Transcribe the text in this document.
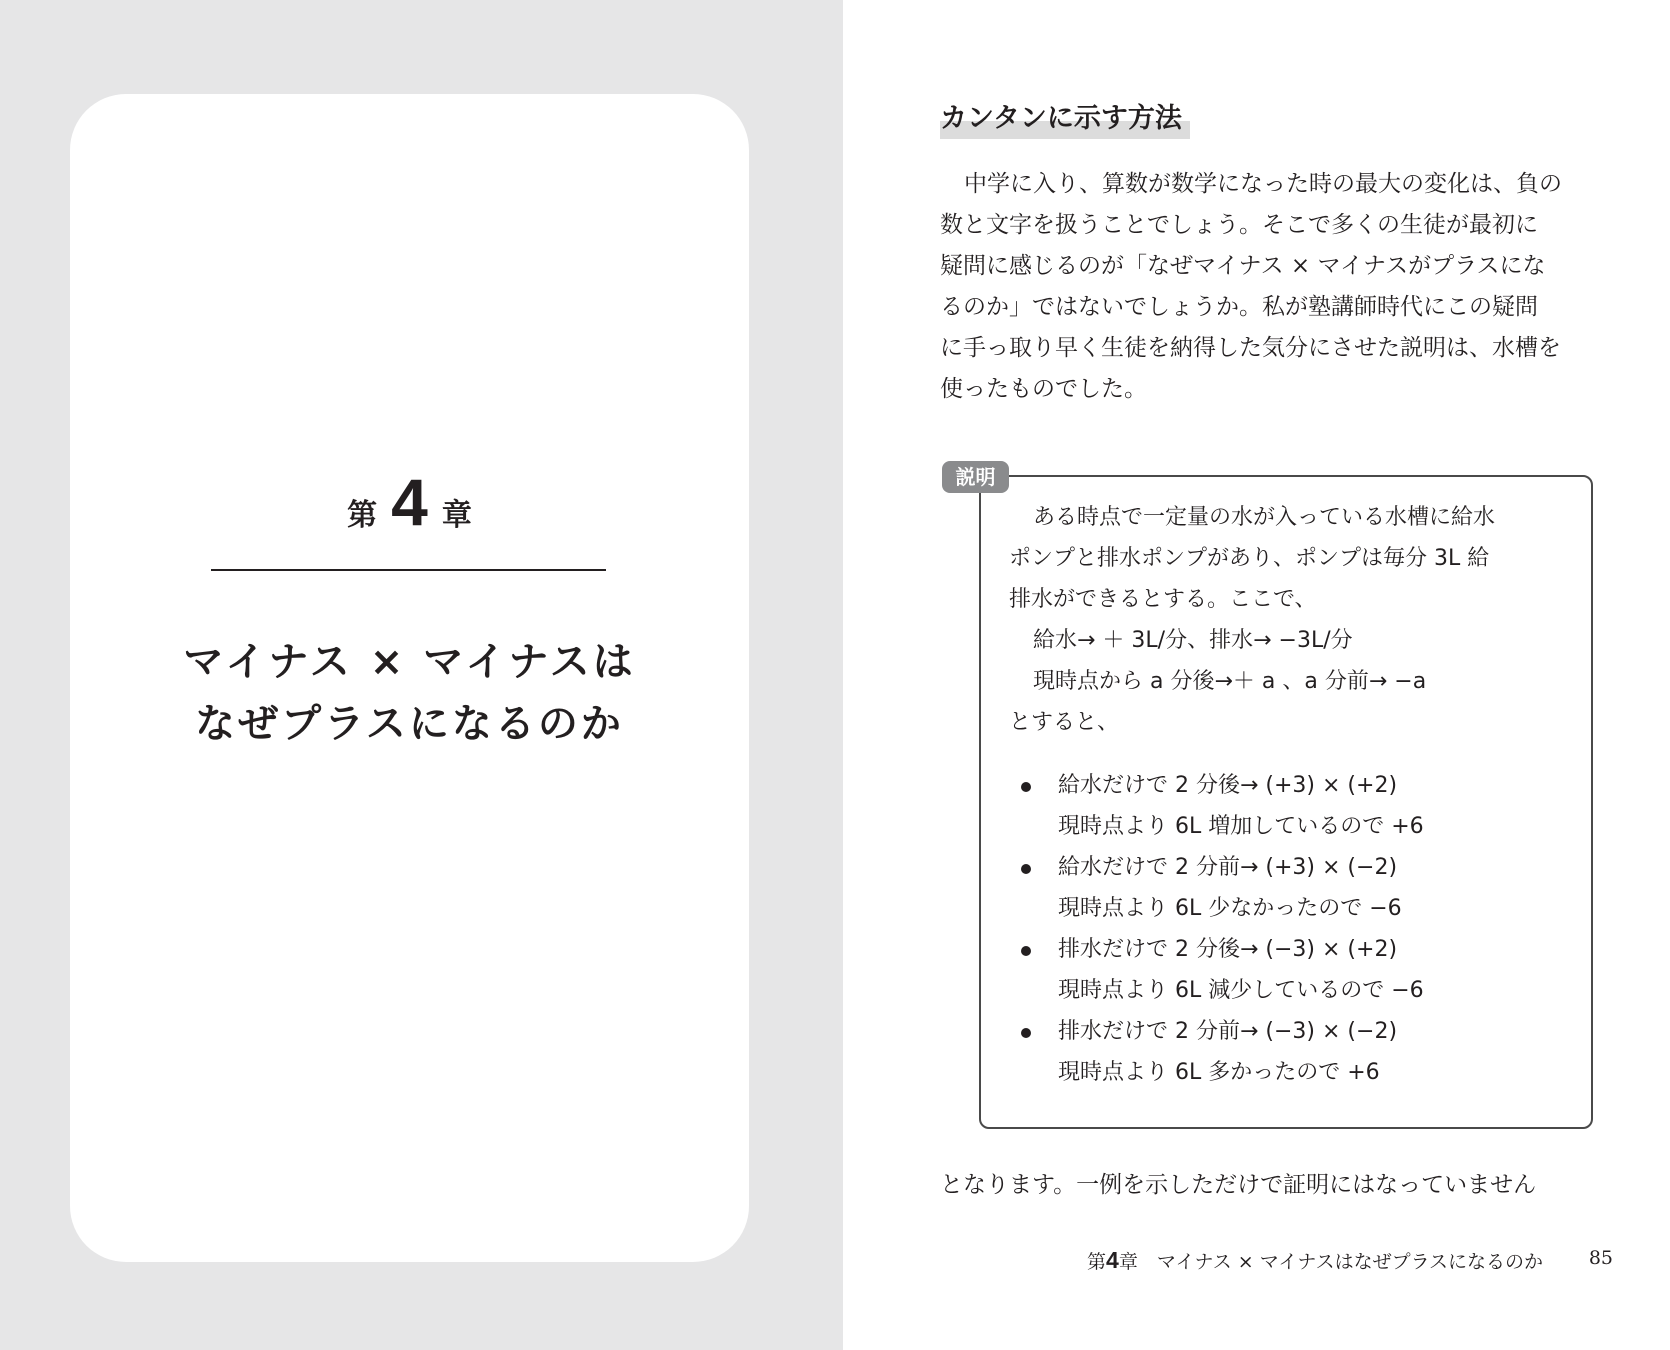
第 4 章
マイナス × マイナスは
なぜプラスになるのか
カンタンに示す方法
中学に入り、算数が数学になった時の最大の変化は、負の
数と文字を扱うことでしょう。そこで多くの生徒が最初に
疑問に感じるのが「なぜマイナス × マイナスがプラスにな
るのか」ではないでしょうか。私が塾講師時代にこの疑問
に手っ取り早く生徒を納得した気分にさせた説明は、水槽を
使ったものでした。
説明
ある時点で一定量の水が入っている水槽に給水
ポンプと排水ポンプがあり、ポンプは毎分 3L 給
排水ができるとする。ここで、
給水→ ＋ 3L/分、排水→ −3L/分
現時点から a 分後→＋ a 、a 分前→ −a
とすると、
給水だけで 2 分後→ (+3) × (+2)
現時点より 6L 増加しているので +6
給水だけで 2 分前→ (+3) × (−2)
現時点より 6L 少なかったので −6
排水だけで 2 分後→ (−3) × (+2)
現時点より 6L 減少しているので −6
排水だけで 2 分前→ (−3) × (−2)
現時点より 6L 多かったので +6
となります。一例を示しただけで証明にはなっていません
第4章　 マイナス × マイナスはなぜプラスになるのか	85
